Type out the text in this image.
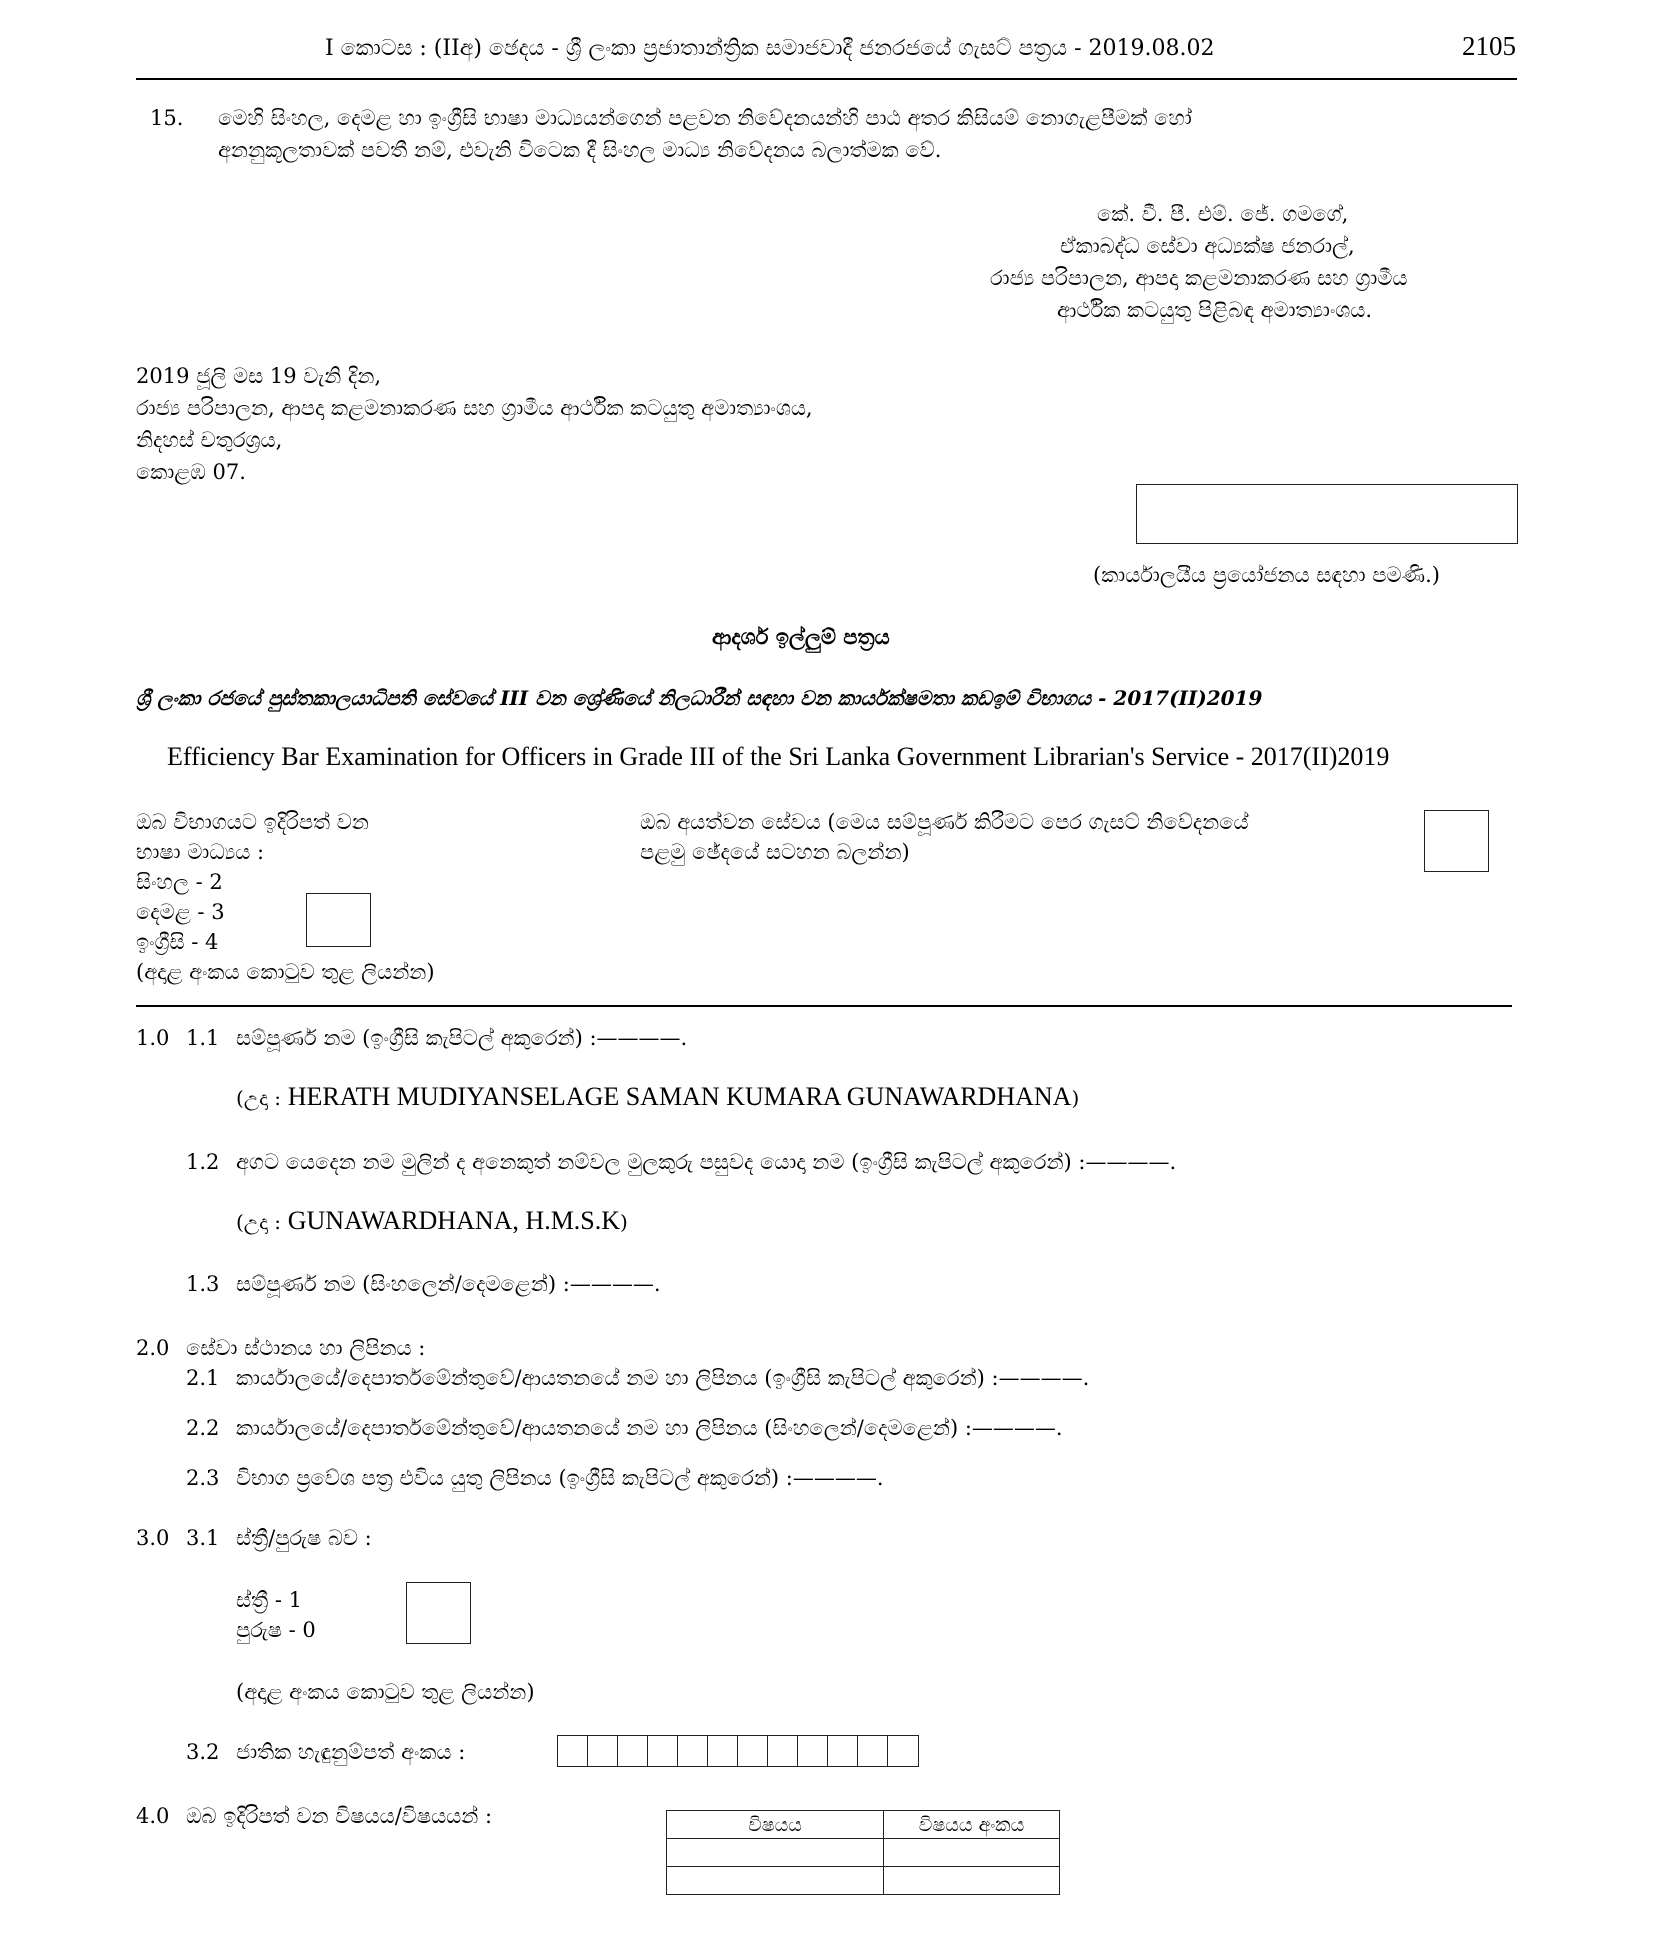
I කොටස : (IIඅ) ඡෙදය - ශ්‍රී ලංකා ප්‍රජාතාන්ත්‍රික සමාජවාදී ජනරජයේ ගැසට් පත්‍රය - 2019.08.02	2105
15. මෙහි සිංහල, දෙමළ හා ඉංග්‍රීසි භාෂා මාධ්‍යයන්ගෙන් පළවන නිවේදනයන්හි පාඨ අතර කිසියම් නොගැළපීමක් හෝ
අනනුකූලතාවක් පවතී නම්, එවැනි විටෙක දී සිංහල මාධ්‍ය නිවේදනය බලාත්මක වේ.
කේ. වී. පී. එම්. ජේ. ගමගේ,
ඒකාබද්ධ සේවා අධ්‍යක්ෂ ජනරාල්,
රාජ්‍ය පරිපාලන, ආපදා කළමනාකරණ සහ ග්‍රාමීය
ආර්ථික කටයුතු පිළිබඳ අමාත්‍යාංශය.
2019 ජූලි මස 19 වැනි දින,
රාජ්‍ය පරිපාලන, ආපදා කළමනාකරණ සහ ග්‍රාමීය ආර්ථික කටයුතු අමාත්‍යාංශය,
නිදහස් චතුරශ්‍රය,
කොළඹ 07.
(කාර්යාලයීය ප්‍රයෝජනය සඳහා පමණි.)
ආදර්ශ ඉල්ලුම් පත්‍රය
ශ්‍රී ලංකා රජයේ පුස්තකාලයාධිපති සේවයේ III වන ශ්‍රේණියේ නිලධාරීන් සඳහා වන කාර්යක්ෂමතා කඩඉම් විභාගය - 2017(II)2019
Efficiency Bar Examination for Officers in Grade III of the Sri Lanka Government Librarian's Service - 2017(II)2019
ඔබ විභාගයට ඉදිරිපත් වන
භාෂා මාධ්‍යය :
සිංහල - 2
දෙමළ - 3
ඉංග්‍රීසි - 4
(අදාළ අංකය කොටුව තුළ ලියන්න)
ඔබ අයත්වන සේවය (මෙය සම්පූර්ණ කිරීමට පෙර ගැසට් නිවේදනයේ
පළමු ඡේදයේ සටහන බලන්න)
1.0 1.1 සම්පූර්ණ නම (ඉංග්‍රීසි කැපිටල් අකුරෙන්) :————.
(උදා : HERATH MUDIYANSELAGE SAMAN KUMARA GUNAWARDHANA)
1.2 අගට යෙදෙන නම මුලින් ද අනෙකුත් නම්වල මුලකුරු පසුවද යොදා නම (ඉංග්‍රීසි කැපිටල් අකුරෙන්) :————.
(උදා : GUNAWARDHANA, H.M.S.K)
1.3 සම්පූර්ණ නම (සිංහලෙන්/දෙමළෙන්) :————.
2.0 සේවා ස්ථානය හා ලිපිනය :
2.1 කාර්යාලයේ/දෙපාර්තමේන්තුවේ/ආයතනයේ නම හා ලිපිනය (ඉංග්‍රීසි කැපිටල් අකුරෙන්) :————.
2.2 කාර්යාලයේ/දෙපාර්තමේන්තුවේ/ආයතනයේ නම හා ලිපිනය (සිංහලෙන්/දෙමළෙන්) :————.
2.3 විභාග ප්‍රවේශ පත්‍ර එවිය යුතු ලිපිනය (ඉංග්‍රීසි කැපිටල් අකුරෙන්) :————.
3.0 3.1 ස්ත්‍රී/පුරුෂ බව :
ස්ත්‍රී - 1
පුරුෂ - 0
(අදාළ අංකය කොටුව තුළ ලියන්න)
3.2 ජාතික හැඳුනුම්පත් අංකය :
4.0 ඔබ ඉදිරිපත් වන විෂයය/විෂයයන් :	විෂයය	විෂයය අංකය
